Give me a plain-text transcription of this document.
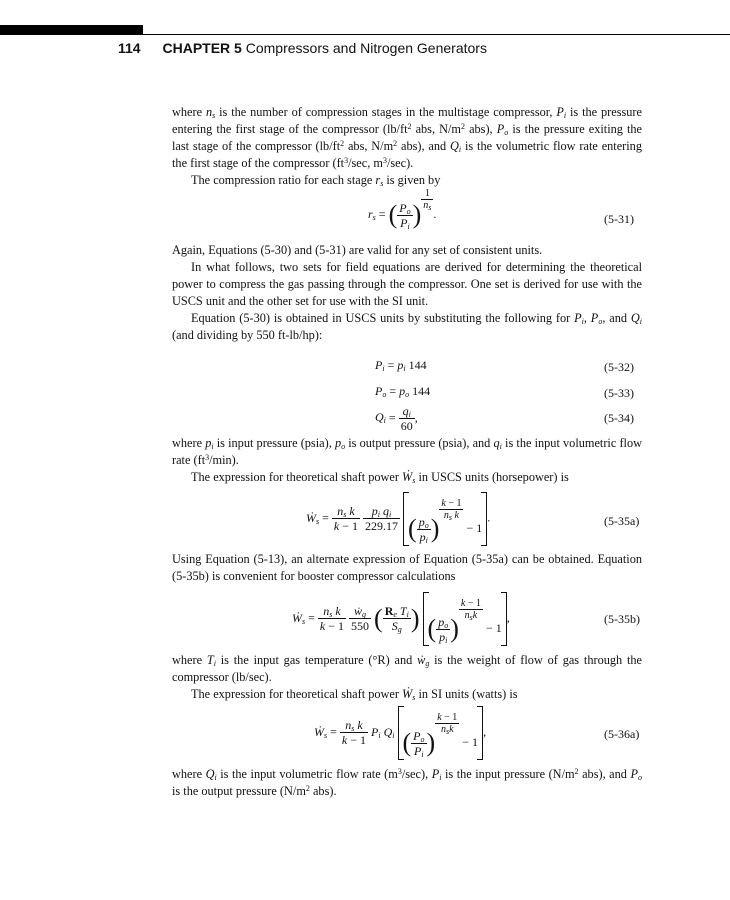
114 CHAPTER 5 Compressors and Nitrogen Generators

where $n_s$ is the number of compression stages in the multistage compressor, $P_i$ is the pressure entering the first stage of the compressor ($lb/ft^2$ abs, $N/m^2$ abs), $P_o$ is the pressure exiting the last stage of the compressor ($lb/ft^2$ abs, $N/m^2$ abs), and $Q_i$ is the volumetric flow rate entering the first stage of the compressor ($ft^3/\sec$, $m^3/\sec$).

The compression ratio for each stage $r_s$ is given by

$r_s$ = ( $\frac{P_o}{P_i}$ )
$\frac{1}{n_s}$
.	(5-31)

Again, Equations (5-30) and (5-31) are valid for any set of consistent units.

In what follows, two sets for field equations are derived for determining the theoretical power to compress the gas passing through the compressor. One set is derived for use with the USCS unit and the other set for use with the SI unit.

Equation (5-30) is obtained in USCS units by substituting the following for $P_i$, $P_o$, and $Q_i$ (and dividing by 550 ft-lb/hp):

$P_i = p_i$ 144	(5-32)
$P_o = p_o$ 144	(5-33)
$Q_i = \frac{q_i}{60}$ ,	(5-34)

where $p_i$ is input pressure (psia), $p_o$ is output pressure (psia), and $q_i$ is the input volumetric flow rate $(ft^3/\min)$.

The expression for theoretical shaft power Ẇ$_s$ in USCS units (horsepower) is

Ẇ$_s$ = $\frac{n_s k}{k - 1}$
$\frac{p_i q_i}{229.17}$ ( $\frac{p_o}{p_i}$ )
$\frac{k - 1}{n_s k}$
− 1.	(5-35a)

Using Equation (5-13), an alternate expression of Equation (5-35a) can be obtained. Equation (5-35b) is convenient for booster compressor calculations

Ẇ$_s$ = $\frac{n_s k}{k - 1}$
$\frac{ẇ_g}{550}$ ( $\frac{R_e T_i}{S_g}$ ) ( $\frac{p_o}{p_i}$ )
k − 1
$n_sk$
− 1,	(5-35b)

where $T_i$ is the input gas temperature (°R) and ẇ$_g$ is the weight of flow of gas through the compressor (lb/sec).

The expression for theoretical shaft power Ẇ$_s$ in SI units (watts) is

Ẇ$_s$ = $\frac{n_s k}{k - 1} P_i$ $Q_i$ ( $\frac{P_o}{P_i}$ )
k − 1
$n_sk$
− 1,	(5-36a)

where $Q_i$ is the input volumetric flow rate $(m^3/\sec)$, $P_i$ is the input pressure ($N/m^2$ abs), and $P_o$ is the output pressure ($N/m^2$ abs).
